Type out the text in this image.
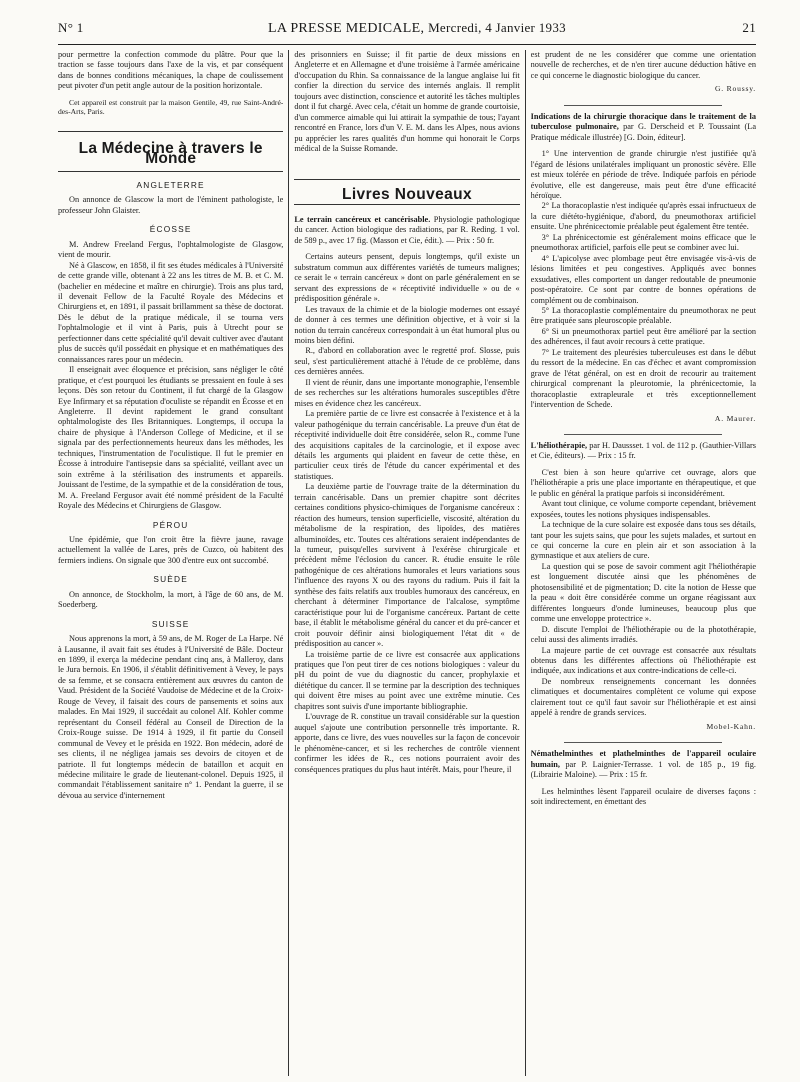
N° 1	LA PRESSE MEDICALE, Mercredi, 4 Janvier 1933	21

pour permettre la confection commode du plâtre. Pour que la traction se fasse toujours dans l'axe de la vis, et par conséquent dans de bonnes conditions mécaniques, la chape de coulissement peut pivoter d'un petit angle autour de la position horizontale.

Cet appareil est construit par la maison Gentile, 49, rue Saint-André-des-Arts, Paris.

La Médecine à travers le Monde
ANGLETERRE

On annonce de Glascow la mort de l'éminent pathologiste, le professeur John Glaister.

ÉCOSSE

M. Andrew Freeland Fergus, l'ophtalmologiste de Glasgow, vient de mourir.

Né à Glascow, en 1858, il fit ses études médicales à l'Université de cette grande ville, obtenant à 22 ans les titres de M. B. et C. M. (bachelier en médecine et maître en chirurgie). Trois ans plus tard, il devenait Fellow de la Faculté Royale des Médecins et Chirurgiens et, en 1891, il passait brillamment sa thèse de doctorat. Dès le début de la pratique médicale, il se tourna vers l'ophtalmologie et il vint à Paris, puis à Utrecht pour se perfectionner dans cette spécialité qu'il devait cultiver avec d'autant plus de succès qu'il possédait en physique et en mathématiques des connaissances rares pour un médecin.

Il enseignait avec éloquence et précision, sans négliger le côté pratique, et c'est pourquoi les étudiants se pressaient en foule à ses leçons. Dès son retour du Continent, il fut chargé de la Glasgow Eye Infirmary et sa réputation d'oculiste se répandit en Écosse et en Angleterre. Il devint rapidement le grand consultant ophtalmologiste des Iles Britanniques. Longtemps, il occupa la chaire de physique à l'Anderson College of Medicine, et il se signala par des perfectionnements heureux dans les méthodes, les techniques, l'instrumentation de l'oculistique. Il fut le premier en Écosse à introduire l'antisepsie dans sa spécialité, veillant avec un soin extrême à la stérilisation des instruments et appareils. Jouissant de l'estime, de la sympathie et de la considération de tous, M. A. Freeland Fergusor avait été nommé président de la Faculté Royale des Médecins et Chirurgiens de Glasgow.

PÉROU

Une épidémie, que l'on croit être la fièvre jaune, ravage actuellement la vallée de Lares, près de Cuzco, où habitent des fermiers indiens. On signale que 300 d'entre eux ont succombé.

SUÈDE

On annonce, de Stockholm, la mort, à l'âge de 60 ans, de M. Soederberg.

SUISSE

Nous apprenons la mort, à 59 ans, de M. Roger de La Harpe. Né à Lausanne, il avait fait ses études à l'Université de Bâle. Docteur en 1899, il exerça la médecine pendant cinq ans, à Malleroy, dans le Jura bernois. En 1906, il s'établit définitivement à Vevey, le pays de sa femme, et se consacra entièrement aux œuvres du canton de Vaud. Président de la Société Vaudoise de Médecine et de la Croix-Rouge de Vevey, il faisait des cours de pansements et soins aux malades. En Mai 1929, il succédait au colonel Alf. Kohler comme représentant du Conseil fédéral au Conseil de Direction de la Croix-Rouge suisse. De 1914 à 1929, il fit partie du Conseil communal de Vevey et le présida en 1922. Bon médecin, adoré de ses clients, il ne négligea jamais ses devoirs de citoyen et de patriote. Il fut longtemps médecin de bataillon et acquit en médecine militaire le grade de lieutenant-colonel. Depuis 1925, il commandait l'établissement sanitaire n° 1. Pendant la guerre, il se dévoua au service d'internement

des prisonniers en Suisse; il fit partie de deux missions en Angleterre et en Allemagne et d'une troisième à l'armée américaine d'occupation du Rhin. Sa connaissance de la langue anglaise lui fit confier la direction du service des internés anglais. Il remplit toujours avec distinction, conscience et autorité les tâches multiples dont il fut chargé. Avec cela, c'était un homme de grande courtoisie, d'un commerce aimable qui lui attirait la sympathie de tous; l'ayant rencontré en France, lors d'un V. E. M. dans les Alpes, nous avions pu apprécier les rares qualités d'un homme qui honorait le Corps médical de la Suisse Romande.

Livres Nouveaux

Le terrain cancéreux et cancérisable. Physiologie pathologique du cancer. Action biologique des radiations, par R. Reding. 1 vol. de 589 p., avec 17 fig. (Masson et Cie, édit.). — Prix : 50 fr.

Certains auteurs pensent, depuis longtemps, qu'il existe un substratum commun aux différentes variétés de tumeurs malignes; ce serait le « terrain cancéreux » dont on parle généralement en se servant des expressions de « réceptivité individuelle » ou de « prédisposition générale ».

Les travaux de la chimie et de la biologie modernes ont essayé de donner à ces termes une définition objective, et à voir si la notion du terrain cancéreux correspondait à un état humoral plus ou moins bien défini.

R., d'abord en collaboration avec le regretté prof. Slosse, puis seul, s'est particulièrement attaché à l'étude de ce problème, dans ces dernières années.

Il vient de réunir, dans une importante monographie, l'ensemble de ses recherches sur les altérations humorales susceptibles d'être mises en évidence chez les cancéreux.

La première partie de ce livre est consacrée à l'existence et à la valeur pathogénique du terrain cancérisable. La preuve d'un état de réceptivité individuelle doit être considérée, selon R., comme l'une des acquisitions capitales de la carcinologie, et il expose avec détails les arguments qui plaident en faveur de cette thèse, en particulier ceux tirés de l'étude du cancer expérimental et des statistiques.

La deuxième partie de l'ouvrage traite de la détermination du terrain cancérisable. Dans un premier chapitre sont décrites certaines conditions physico-chimiques de l'organisme cancéreux : réaction des humeurs, tension superficielle, viscosité, altération du métabolisme de la respiration, des lipoïdes, des matières albuminoïdes, etc. Toutes ces altérations seraient indépendantes de la tumeur, puisqu'elles survivent à l'exérèse chirurgicale et précèdent même l'éclosion du cancer. R. étudie ensuite le rôle pathogénique de ces altérations humorales et leurs variations sous l'influence des rayons X ou des rayons du radium. Puis il fait la synthèse des faits relatifs aux troubles humoraux des cancéreux, en cherchant à déterminer l'importance de l'alcalose, symptôme caractéristique pour lui de l'organisme cancéreux. Partant de cette base, il établit le métabolisme général du cancer et du pré-cancer et croit pouvoir définir ainsi biologiquement l'état dit « de prédisposition au cancer ».

La troisième partie de ce livre est consacrée aux applications pratiques que l'on peut tirer de ces notions biologiques : valeur du pH du point de vue du diagnostic du cancer, prophylaxie et diététique du cancer. Il se termine par la description des techniques qui doivent être mises au point avec une extrême minutie. Ces chapitres sont suivis d'une importante bibliographie.

L'ouvrage de R. constitue un travail considérable sur la question auquel s'ajoute une contribution personnelle très importante. R. apporte, dans ce livre, des vues nouvelles sur la façon de concevoir le phénomène-cancer, et si les recherches de contrôle viennent confirmer les idées de R., ces notions pourraient avoir des conséquences pratiques du plus haut intérêt. Mais, pour l'heure, il

est prudent de ne les considérer que comme une orientation nouvelle de recherches, et de n'en tirer aucune déduction hâtive en ce qui concerne le diagnostic biologique du cancer.

G. Roussy.

Indications de la chirurgie thoracique dans le traitement de la tuberculose pulmonaire, par G. Derscheid et P. Toussaint (La Pratique médicale illustrée) [G. Doin, éditeur].

1° Une intervention de grande chirurgie n'est justifiée qu'à l'égard de lésions unilatérales impliquant un pronostic sévère. Elle est mieux tolérée en période de trêve. Indiquée parfois en période évolutive, elle est dangereuse, mais peut être d'une efficacité héroïque.

2° La thoracoplastie n'est indiquée qu'après essai infructueux de la cure diététo-hygiénique, d'abord, du pneumothorax artificiel ensuite. Une phrénicectomie préalable peut également être tentée.

3° La phrénicectomie est généralement moins efficace que le pneumothorax artificiel, parfois elle peut se combiner avec lui.

4° L'apicolyse avec plombage peut être envisagée vis-à-vis de lésions limitées et peu congestives. Appliqués avec bonnes exsudatives, elles comportent un danger redoutable de pneumonie post-opératoire. Ce sont par contre de bonnes opérations de complément ou de combinaison.

5° La thoracoplastie complémentaire du pneumothorax ne peut être pratiquée sans pleuroscopie préalable.

6° Si un pneumothorax partiel peut être amélioré par la section des adhérences, il faut avoir recours à cette pratique.

7° Le traitement des pleurésies tuberculeuses est dans le début du ressort de la médecine. En cas d'échec et avant compromission grave de l'état général, on est en droit de recourir au traitement chirurgical comprenant la pleurotomie, la phrénicectomie, la thoracoplastie extrapleurale et très exceptionnellement l'intervention de Schede.

A. Maurer.

L'héliothérapie, par H. Daussset. 1 vol. de 112 p. (Gauthier-Villars et Cie, éditeurs). — Prix : 15 fr.

C'est bien à son heure qu'arrive cet ouvrage, alors que l'héliothérapie a pris une place importante en thérapeutique, et que le public en général la pratique parfois si inconsidérément.

Avant tout clinique, ce volume comporte cependant, brièvement exposées, toutes les notions physiques indispensables.

La technique de la cure solaire est exposée dans tous ses détails, tant pour les sujets sains, que pour les sujets malades, et surtout en ce qui concerne la cure en plein air et son association à la gymnastique et aux ateliers de cure.

La question qui se pose de savoir comment agit l'héliothérapie est longuement discutée ainsi que les phénomènes de photosensibilité et de pigmentation; D. cite la notion de Hesse que la peau « doit être considérée comme un organe réagissant aux différentes longueurs d'onde lumineuses, beaucoup plus que comme une enveloppe protectrice ».

D. discute l'emploi de l'héliothérapie ou de la photothérapie, celui aussi des aliments irradiés.

La majeure partie de cet ouvrage est consacrée aux résultats obtenus dans les différentes affections où l'héliothérapie est indiquée, aux indications et aux contre-indications de celle-ci.

De nombreux renseignements concernant les données climatiques et documentaires complètent ce volume qui expose clairement tout ce qu'il faut savoir sur l'héliothérapie et est ainsi appelé à rendre de grands services.

Mobel-Kahn.

Némathelminthes et plathelminthes de l'appareil oculaire humain, par P. Laignier-Terrasse. 1 vol. de 185 p., 19 fig. (Librairie Maloine). — Prix : 15 fr.

Les helminthes lèsent l'appareil oculaire de diverses façons : soit indirectement, en émettant des
